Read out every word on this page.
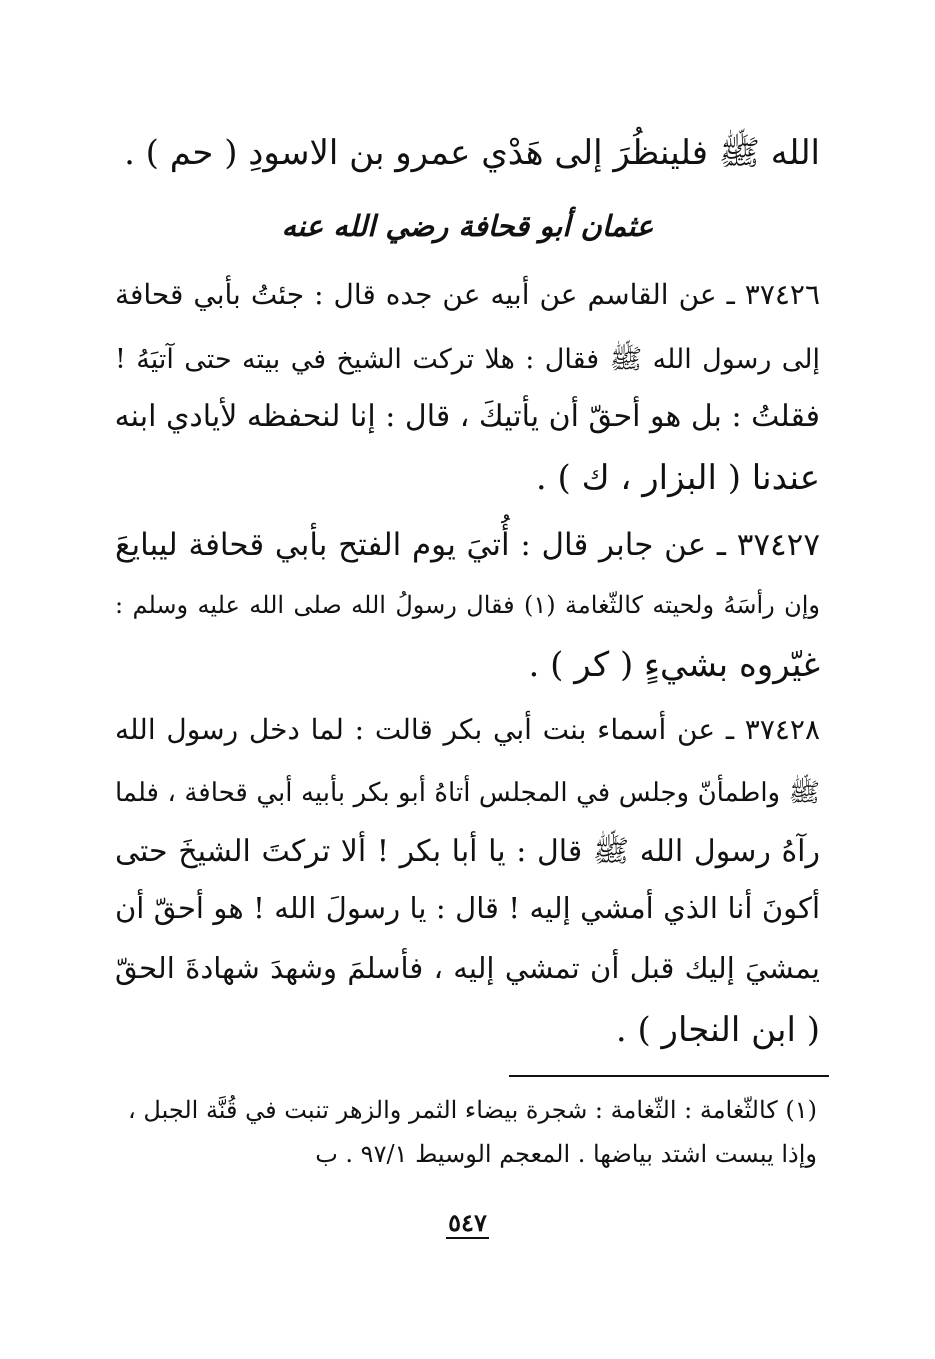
الله ﷺ فلينظُرَ إلى هَدْي عمرو بن الاسودِ ( حم ) .
عثمان أبو قحافة رضي الله عنه
٣٧٤٢٦ ـ عن القاسم عن أبيه عن جده قال : جئتُ بأبي قحافة
إلى رسول الله ﷺ فقال : هلا تركت الشيخ في بيته حتى آتيَهُ !
فقلتُ : بل هو أحقّ أن يأتيكَ ، قال : إنا لنحفظه لأيادي ابنه
عندنا ( البزار ، ك ) .
٣٧٤٢٧ ـ عن جابر قال : أُتيَ يوم الفتح بأبي قحافة ليبايعَ
وإن رأسَهُ ولحيته كالثّغامة (١) فقال رسولُ الله صلى الله عليه وسلم :
غيّروه بشيءٍ ( كر ) .
٣٧٤٢٨ ـ عن أسماء بنت أبي بكر قالت : لما دخل رسول الله
ﷺ واطمأنّ وجلس في المجلس أتاهُ أبو بكر بأبيه أبي قحافة ، فلما
رآهُ رسول الله ﷺ قال : يا أبا بكر ! ألا تركتَ الشيخَ حتى
أكونَ أنا الذي أمشي إليه ! قال : يا رسولَ الله ! هو أحقّ أن
يمشيَ إليك قبل أن تمشي إليه ، فأسلمَ وشهدَ شهادةَ الحقّ
( ابن النجار ) .
(١) كالثّغامة : الثّغامة : شجرة بيضاء الثمر والزهر تنبت في قُنَّة الجبل ،
وإذا يبست اشتد بياضها . المعجم الوسيط ٩٧/١ . ب
٥٤٧
